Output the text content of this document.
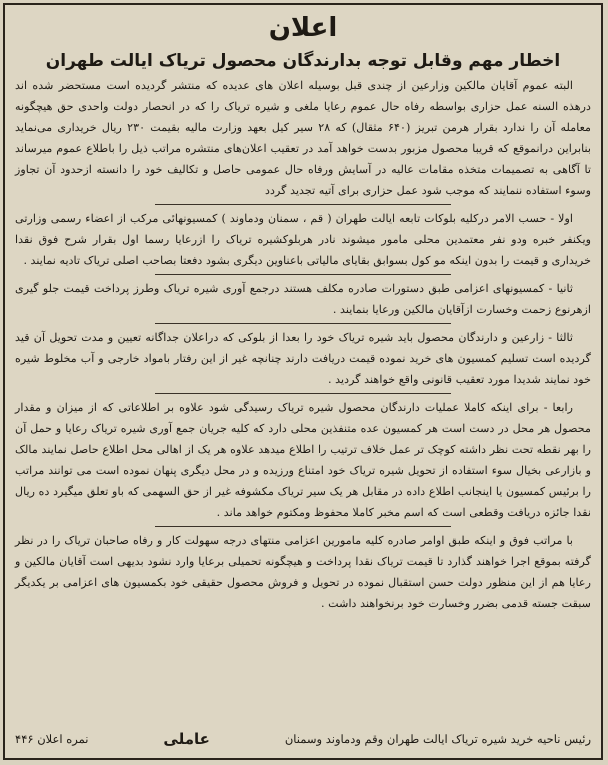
اعلان
اخطار مهم وقابل توجه بدارندگان محصول تریاک ایالت طهران

البته عموم آقایان مالکین وزارعین از چندی قبل بوسیله اعلان های عدیده که منتشر گردیده است مستحضر شده اند درهذه السنه عمل حزاری بواسطه رفاه حال عموم رعایا ملغی و شیره تریاک را که در انحصار دولت واحدی حق هیچگونه معامله آن را ندارد بقرار هرمن تبریز (۶۴۰ مثقال) که ۲۸ سیر کیل بعهد وزارت مالیه بقیمت ۲۳۰ ریال خریداری می‌نماید بنابراین درانموقع که قریبا محصول مزبور بدست خواهد آمد در تعقیب اعلان‌های منتشره مراتب ذیل را باطلاع عموم میرساند تا آگاهی به تصمیمات متخذه مقامات عالیه در آسایش ورفاه حال عمومی حاصل و تکالیف خود را دانسته ازحدود آن تجاوز وسوء استفاده ننمایند که موجب شود عمل حزاری برای آتیه تجدید گردد

اولا - حسب الامر درکلیه بلوکات تابعه ایالت طهران ( قم ، سمنان ودماوند ) کمسیونهائی مرکب از اعضاء رسمی وزارتی ویکنفر خبره ودو نفر معتمدین محلی مامور میشوند نادر هربلوکشیره تریاک را ازرعایا رسما اول بقرار شرح فوق نقدا خریداری و قیمت را بدون اینکه مو کول بسوابق بقایای مالیاتی باعناوین دیگری بشود دفعتا بصاحب اصلی تریاک تادیه نمایند .

ثانیا - کمسیونهای اعزامی طبق دستورات صادره مکلف هستند درجمع آوری شیره تریاک وطرز پرداخت قیمت جلو گیری ازهرنوع زحمت وخسارت ازآقایان مالکین ورعایا بنمایند .

ثالثا - زارعین و دارندگان محصول باید شیره تریاک خود را بعدا از بلوکی که دراعلان جداگانه تعیین و مدت تحویل آن قید گردیده است تسلیم کمسیون های خرید نموده قیمت دریافت دارند چنانچه غیر از این رفتار بامواد خارجی و آب مخلوط شیره خود نمایند شدیدا مورد تعقیب قانونی واقع خواهند گردید .

رابعا - برای اینکه کاملا عملیات دارندگان محصول شیره تریاک رسیدگی شود علاوه بر اطلاعاتی که از میزان و مقدار محصول هر محل در دست است هر کمسیون عده متنفذین محلی دارد که کلیه جریان جمع آوری شیره تریاک رعایا و حمل آن را بهر نقطه تحت نظر داشته کوچک تر عمل خلاف ترتیب را اطلاع میدهد علاوه هر یک از اهالی محل اطلاع حاصل نمایند مالک و بازارعی بخیال سوء استفاده از تحویل شیره تریاک خود امتناع ورزیده و در محل دیگری پنهان نموده است می توانند مراتب را برئیس کمسیون یا اینجانب اطلاع داده در مقابل هر یک سیر تریاک مکشوفه غیر از حق السهمی که باو تعلق میگیرد ده ریال نقدا جائزه دریافت وقطعی است که اسم مخبر کاملا محفوظ ومکتوم خواهد ماند .

با مراتب فوق و اینکه طبق اوامر صادره کلیه مامورین اعزامی منتهای درجه سهولت کار و رفاه صاحبان تریاک را در نظر گرفته بموقع اجرا خواهند گذارد تا قیمت تریاک نقدا پرداخت و هیچگونه تحمیلی برعایا وارد نشود بدیهی است آقایان مالکین و رعایا هم از این منظور دولت حسن استقبال نموده در تحویل و فروش محصول حقیقی خود بکمسیون های اعزامی بر یکدیگر سبقت جسته قدمی بضرر وخسارت خود برنخواهند داشت .

رئیس ناحیه خرید شیره تریاک ایالت طهران وقم ودماوند وسمنان
عاملی
نمره اعلان ۴۴۶
